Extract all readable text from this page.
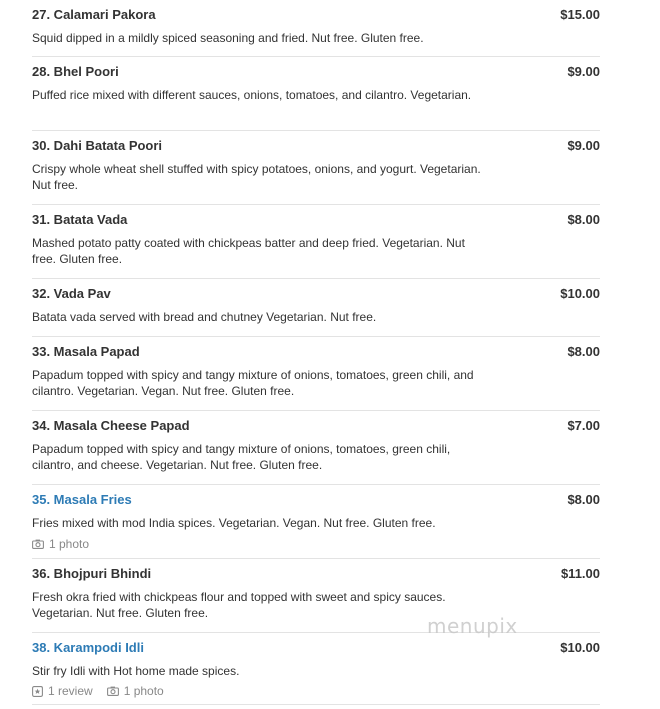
27. Calamari Pakora	$15.00
Squid dipped in a mildly spiced seasoning and fried. Nut free. Gluten free.
28. Bhel Poori	$9.00
Puffed rice mixed with different sauces, onions, tomatoes, and cilantro. Vegetarian.
30. Dahi Batata Poori	$9.00
Crispy whole wheat shell stuffed with spicy potatoes, onions, and yogurt. Vegetarian. Nut free.
31. Batata Vada	$8.00
Mashed potato patty coated with chickpeas batter and deep fried. Vegetarian. Nut free. Gluten free.
32. Vada Pav	$10.00
Batata vada served with bread and chutney Vegetarian. Nut free.
33. Masala Papad	$8.00
Papadum topped with spicy and tangy mixture of onions, tomatoes, green chili, and cilantro. Vegetarian. Vegan. Nut free. Gluten free.
34. Masala Cheese Papad	$7.00
Papadum topped with spicy and tangy mixture of onions, tomatoes, green chili, cilantro, and cheese. Vegetarian. Nut free. Gluten free.
35. Masala Fries	$8.00
Fries mixed with mod India spices. Vegetarian. Vegan. Nut free. Gluten free.
1 photo
36. Bhojpuri Bhindi	$11.00
Fresh okra fried with chickpeas flour and topped with sweet and spicy sauces. Vegetarian. Nut free. Gluten free.
38. Karampodi Idli	$10.00
Stir fry Idli with Hot home made spices.
1 review	1 photo
menupix
